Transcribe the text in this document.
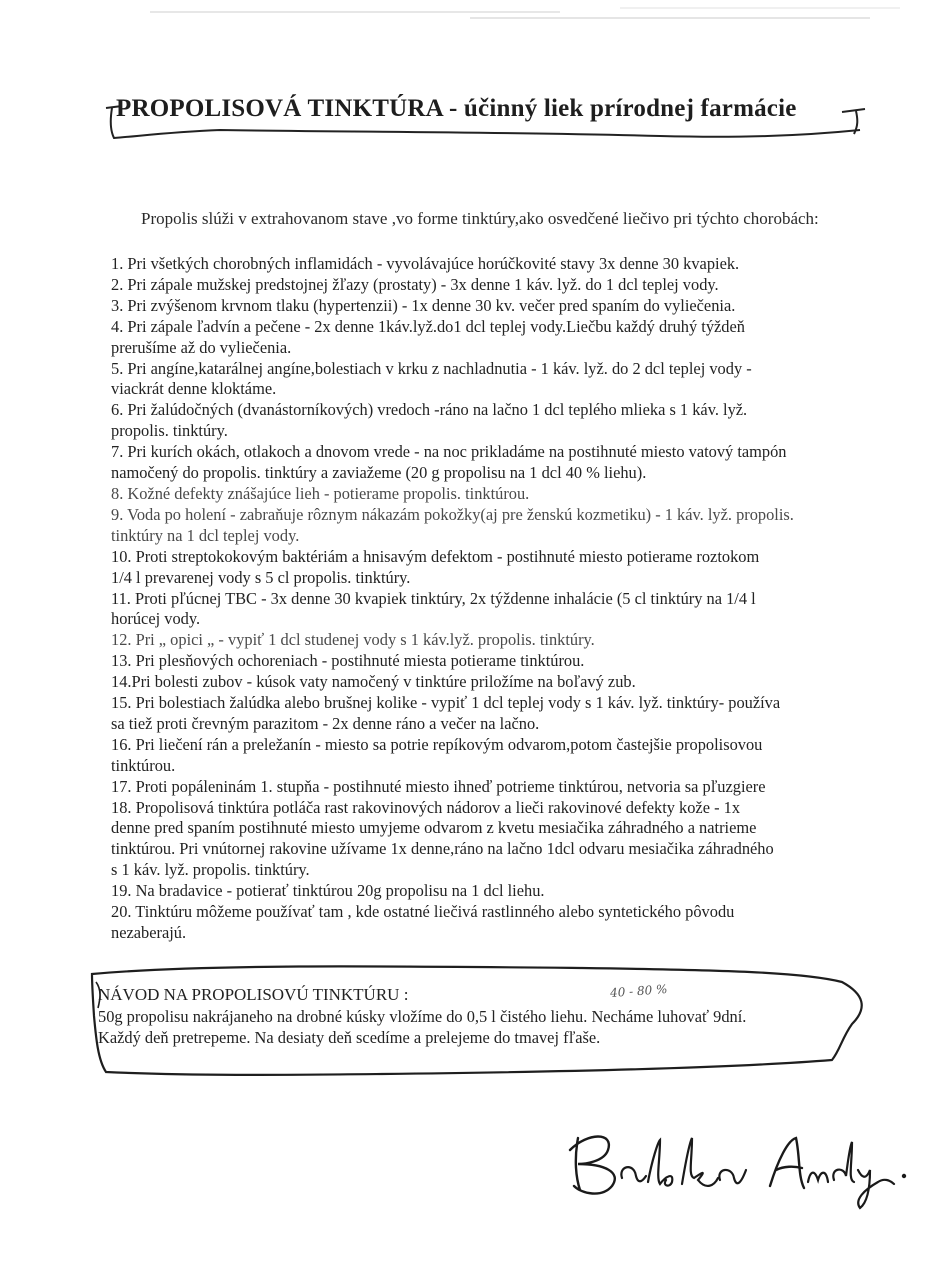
PROPOLISOVÁ TINKTÚRA - účinný liek prírodnej farmácie
Propolis slúži v extrahovanom stave ,vo forme tinktúry,ako osvedčené liečivo pri týchto chorobách:
1. Pri všetkých chorobných inflamidách - vyvolávajúce horúčkovité stavy 3x denne 30 kvapiek.
2. Pri zápale mužskej predstojnej žľazy (prostaty) - 3x denne 1 káv. lyž. do 1 dcl teplej vody.
3. Pri zvýšenom krvnom tlaku (hypertenzii) - 1x denne 30 kv. večer pred spaním do vyliečenia.
4. Pri zápale ľadvín a pečene - 2x denne 1káv.lyž.do1 dcl teplej vody.Liečbu každý druhý týždeň
prerušíme až do vyliečenia.
5. Pri angíne,katarálnej angíne,bolestiach v krku z nachladnutia - 1 káv. lyž. do 2 dcl teplej vody -
viackrát denne kloktáme.
6. Pri žalúdočných (dvanástorníkových) vredoch -ráno na lačno 1 dcl teplého mlieka s 1 káv. lyž.
propolis. tinktúry.
7. Pri kurích okách, otlakoch a dnovom vrede - na noc prikladáme na postihnuté miesto vatový tampón
namočený do propolis. tinktúry a zaviažeme (20 g propolisu na 1 dcl 40 % liehu).
8. Kožné defekty znášajúce lieh - potierame propolis. tinktúrou.
9. Voda po holení - zabraňuje rôznym nákazám pokožky(aj pre ženskú kozmetiku) - 1 káv. lyž. propolis.
tinktúry na 1 dcl teplej vody.
10. Proti streptokokovým baktériám a hnisavým defektom - postihnuté miesto potierame roztokom
1/4 l prevarenej vody s 5 cl propolis. tinktúry.
11. Proti pľúcnej TBC - 3x denne 30 kvapiek tinktúry, 2x týždenne inhalácie (5 cl tinktúry na 1/4 l
horúcej vody.
12. Pri „ opici „ - vypiť 1 dcl studenej vody s 1 káv.lyž. propolis. tinktúry.
13. Pri plesňových ochoreniach - postihnuté miesta potierame tinktúrou.
14.Pri bolesti zubov - kúsok vaty namočený v tinktúre priložíme na boľavý zub.
15. Pri bolestiach žalúdka alebo brušnej kolike - vypiť 1 dcl teplej vody s 1 káv. lyž. tinktúry- používa
sa tiež proti črevným parazitom - 2x denne ráno a večer na lačno.
16. Pri liečení rán a preležanín - miesto sa potrie repíkovým odvarom,potom častejšie propolisovou
tinktúrou.
17. Proti popáleninám 1. stupňa - postihnuté miesto ihneď potrieme tinktúrou, netvoria sa pľuzgiere
18. Propolisová tinktúra potláča rast rakovinových nádorov a lieči rakovinové defekty kože - 1x
denne pred spaním postihnuté miesto umyjeme odvarom z kvetu mesiačika záhradného a natrieme
tinktúrou. Pri vnútornej rakovine užívame 1x denne,ráno na lačno 1dcl odvaru mesiačika záhradného
s 1 káv. lyž. propolis. tinktúry.
19. Na bradavice - potierať tinktúrou 20g propolisu na 1 dcl liehu.
20. Tinktúru môžeme používať tam , kde ostatné liečivá rastlinného alebo syntetického pôvodu
nezaberajú.
NÁVOD NA PROPOLISOVÚ TINKTÚRU :
50g propolisu nakrájaneho na drobné kúsky vložíme do 0,5 l čistého liehu. Necháme luhovať 9dní.
Každý deň pretrepeme. Na desiaty deň scedíme a prelejeme do tmavej fľaše.
40 - 80 %
